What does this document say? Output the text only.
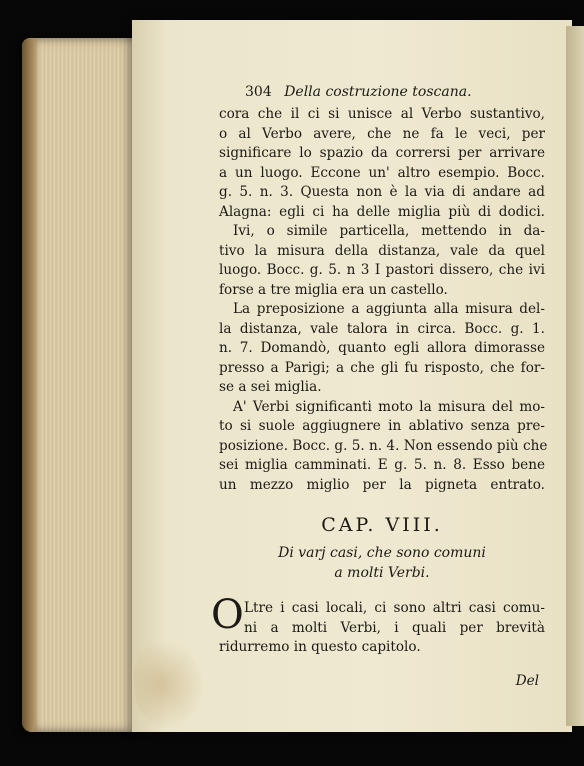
304 Della costruzione toscana.
cora che il ci si unisce al Verbo sustantivo,
o al Verbo avere, che ne fa le veci, per
significare lo spazio da corrersi per arrivare
a un luogo. Eccone un' altro esempio. Bocc.
g. 5. n. 3. Questa non è la via di andare ad
Alagna: egli ci ha delle miglia più di dodici.
Ivi, o simile particella, mettendo in da-
tivo la misura della distanza, vale da quel
luogo. Bocc. g. 5. n 3 I pastori dissero, che ivi
forse a tre miglia era un castello.
La preposizione a aggiunta alla misura del-
la distanza, vale talora in circa. Bocc. g. 1.
n. 7. Domandò, quanto egli allora dimorasse
presso a Parigi; a che gli fu risposto, che for-
se a sei miglia.
A' Verbi significanti moto la misura del mo-
to si suole aggiugnere in ablativo senza pre-
posizione. Bocc. g. 5. n. 4. Non essendo più che
sei miglia camminati. E g. 5. n. 8. Esso bene
un mezzo miglio per la pigneta entrato.
CAP. VIII.
Di varj casi, che sono comuni
a molti Verbi.
O Ltre i casi locali, ci sono altri casi comu-
ni a molti Verbi, i quali per brevità
ridurremo in questo capitolo.
Del
